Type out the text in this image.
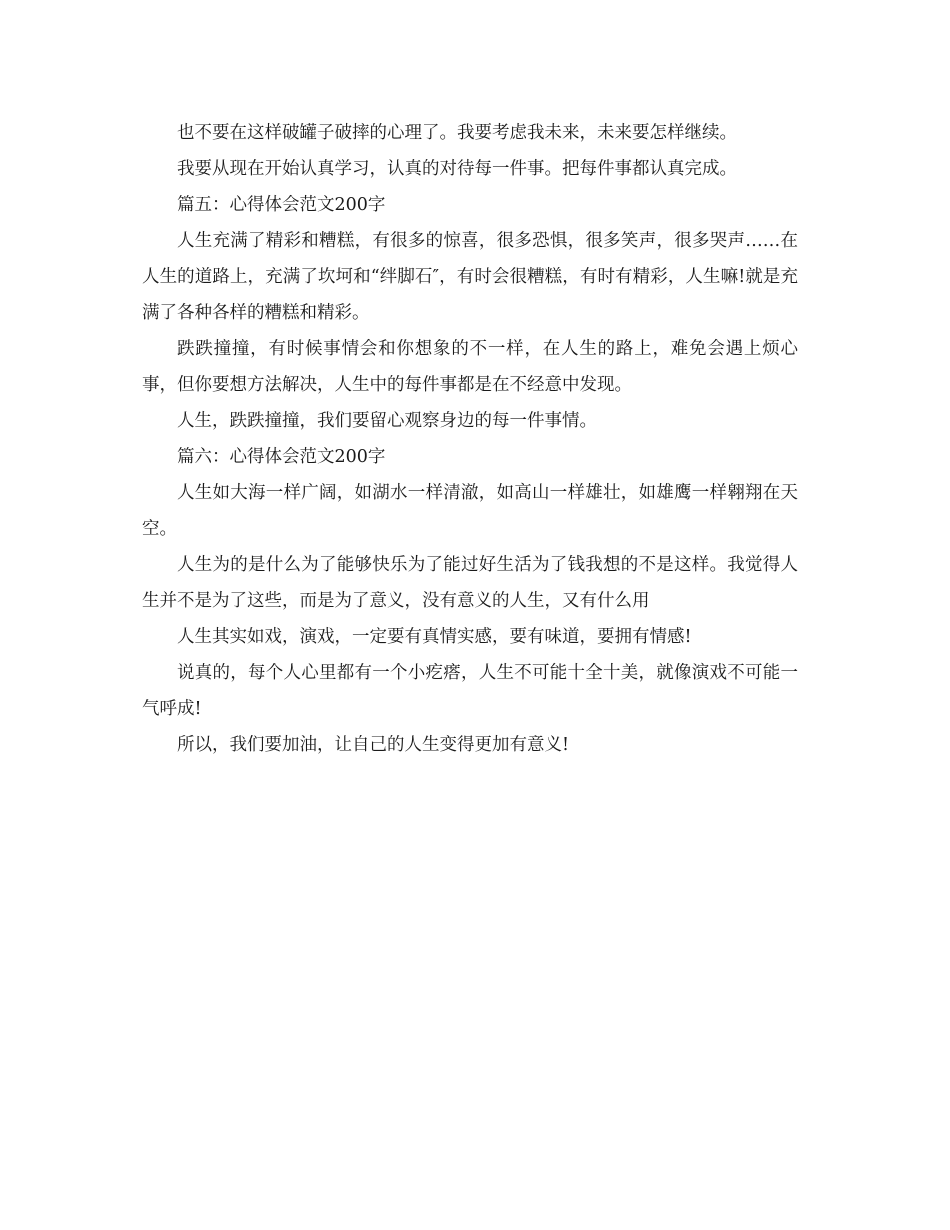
也不要在这样破罐子破摔的心理了。我要考虑我未来，未来要怎样继续。

我要从现在开始认真学习，认真的对待每一件事。把每件事都认真完成。

篇五：心得体会范文200字

人生充满了精彩和糟糕，有很多的惊喜，很多恐惧，很多笑声，很多哭声……在人生的道路上，充满了坎坷和“绊脚石″，有时会很糟糕，有时有精彩，人生嘛!就是充满了各种各样的糟糕和精彩。

跌跌撞撞，有时候事情会和你想象的不一样，在人生的路上，难免会遇上烦心事，但你要想方法解决，人生中的每件事都是在不经意中发现。

人生，跌跌撞撞，我们要留心观察身边的每一件事情。

篇六：心得体会范文200字

人生如大海一样广阔，如湖水一样清澈，如高山一样雄壮，如雄鹰一样翱翔在天空。

人生为的是什么为了能够快乐为了能过好生活为了钱我想的不是这样。我觉得人生并不是为了这些，而是为了意义，没有意义的人生，又有什么用

人生其实如戏，演戏，一定要有真情实感，要有味道，要拥有情感!

说真的，每个人心里都有一个小疙瘩，人生不可能十全十美，就像演戏不可能一气呼成!

所以，我们要加油，让自己的人生变得更加有意义!
